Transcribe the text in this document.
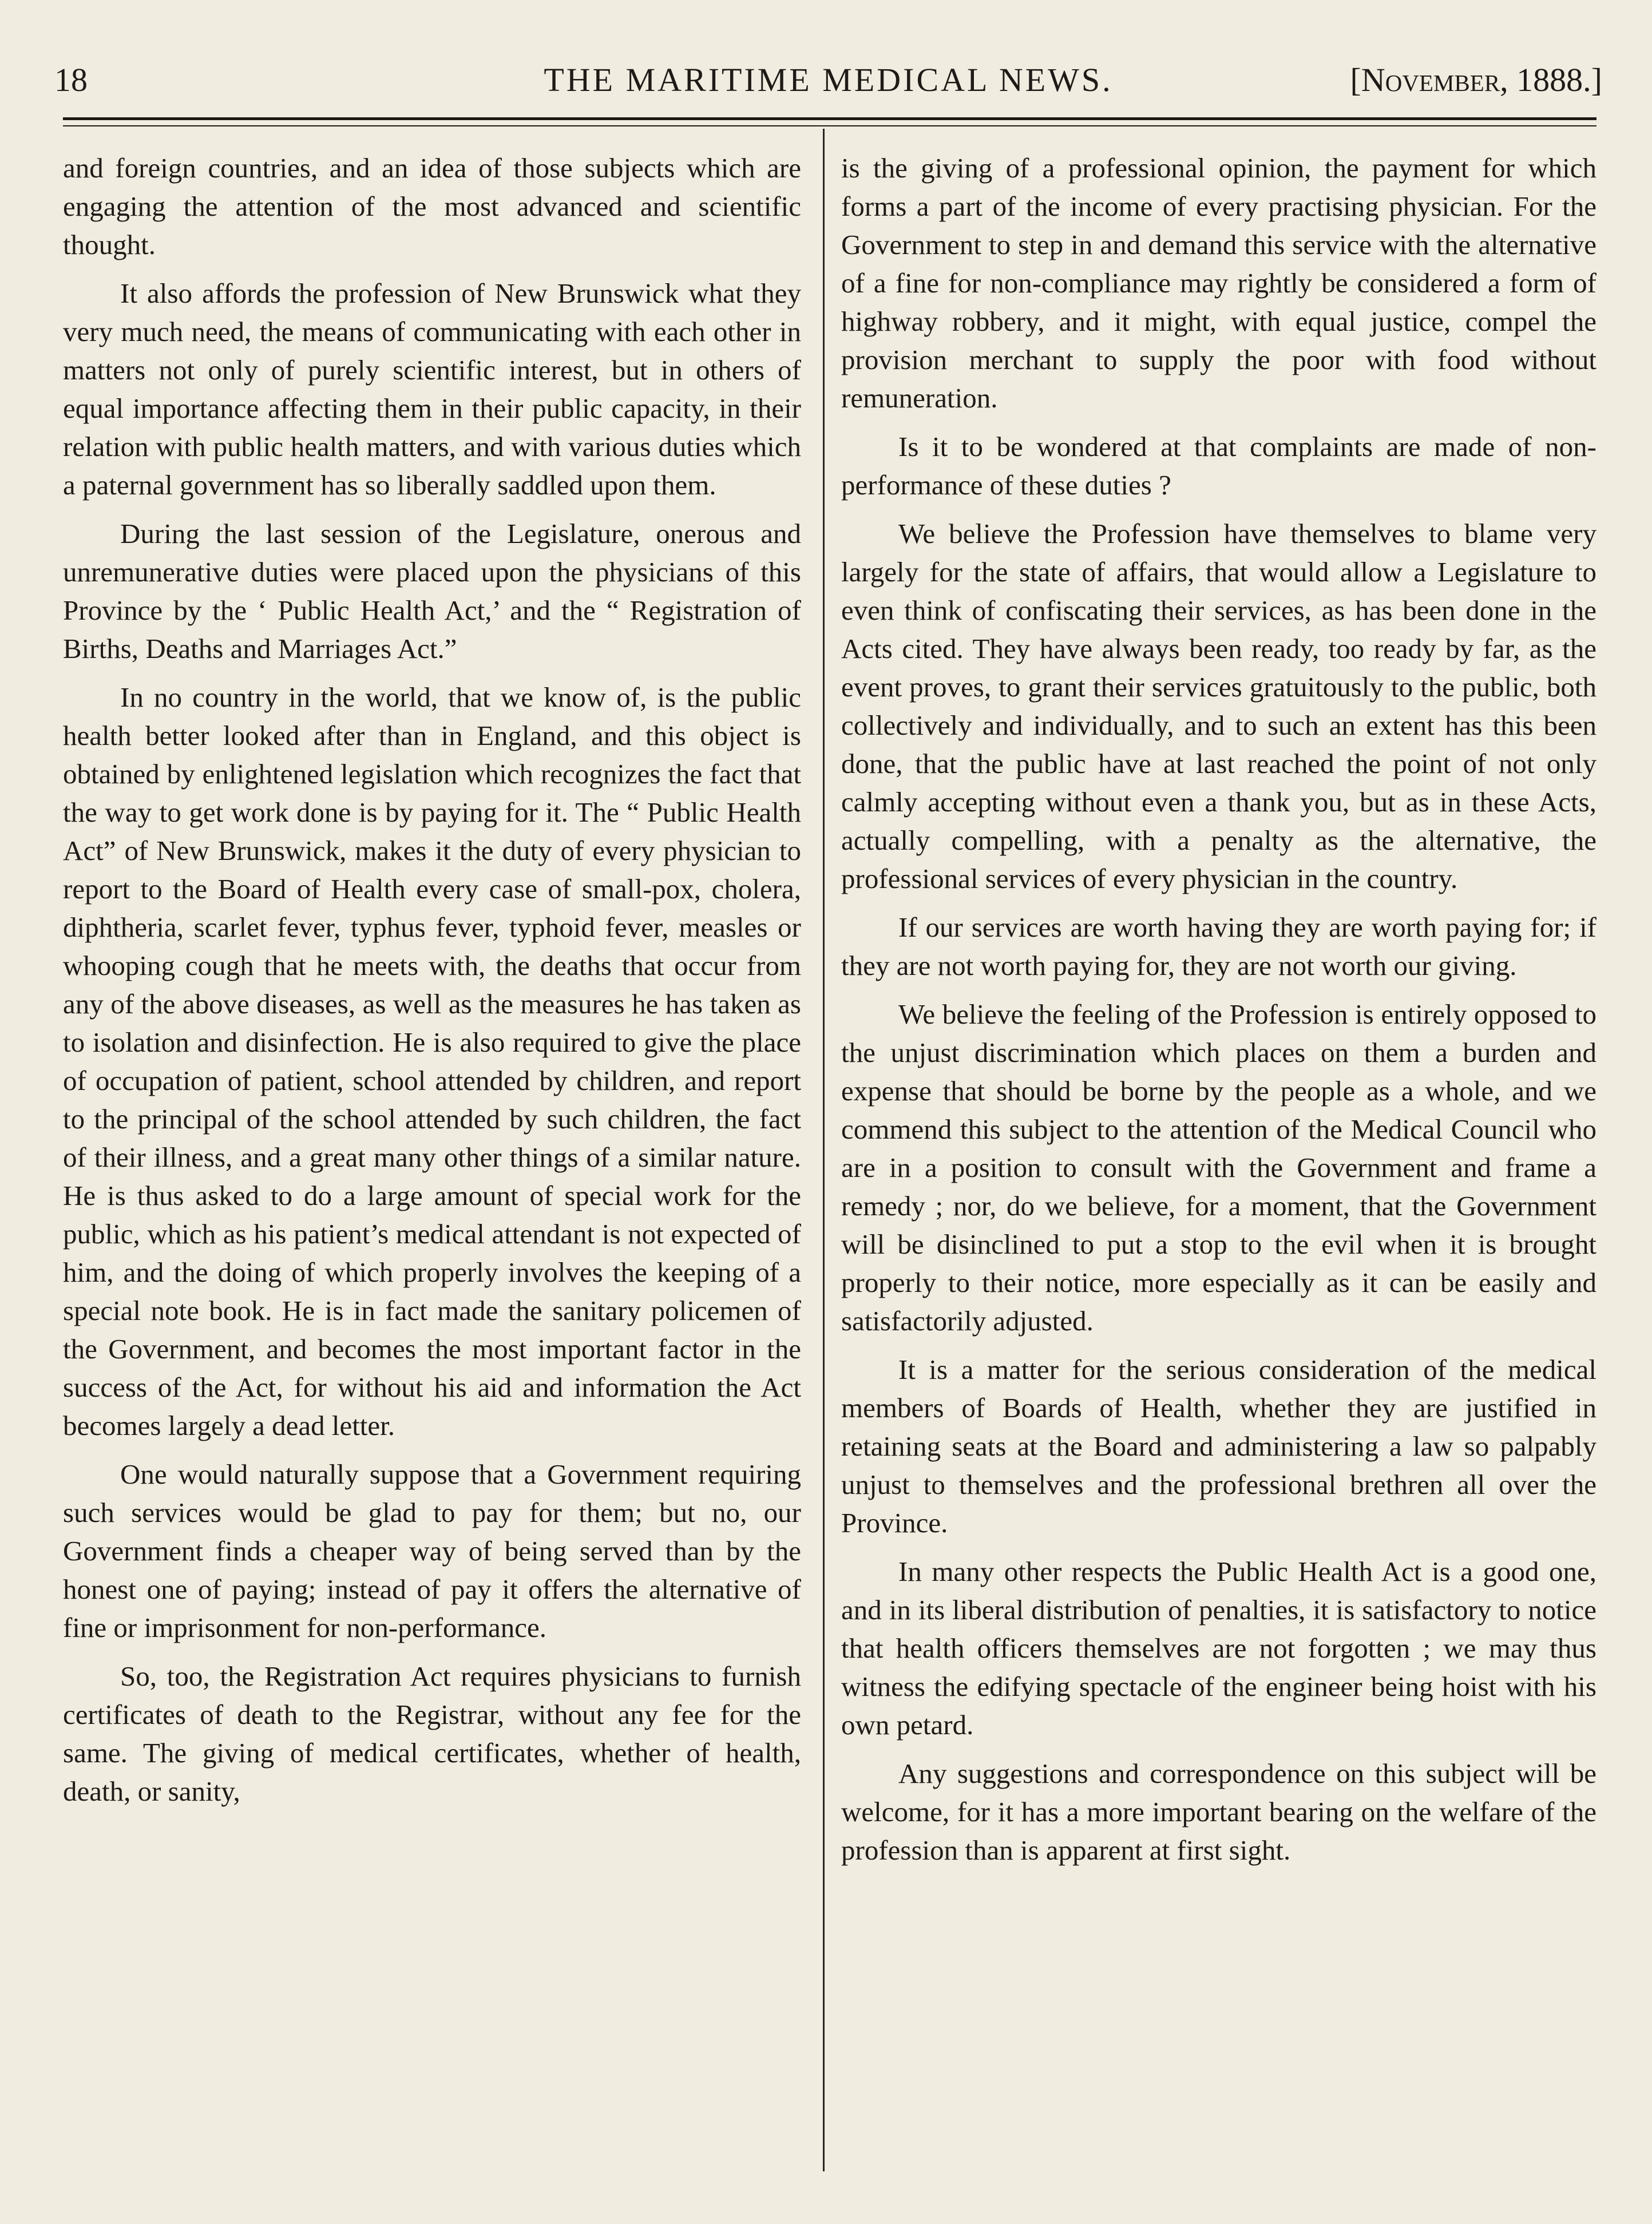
18	THE MARITIME MEDICAL NEWS.	[November, 1888.]

and foreign countries, and an idea of those subjects which are engaging the attention of the most advanced and scientific thought.

It also affords the profession of New Brunswick what they very much need, the means of communicating with each other in matters not only of purely scientific interest, but in others of equal importance affecting them in their public capacity, in their relation with public health matters, and with various duties which a paternal government has so liberally saddled upon them.

During the last session of the Legislature, onerous and unremunerative duties were placed upon the physicians of this Province by the ‘ Public Health Act,’ and the “ Registration of Births, Deaths and Marriages Act.”

In no country in the world, that we know of, is the public health better looked after than in England, and this object is obtained by enlightened legislation which recognizes the fact that the way to get work done is by paying for it. The “ Public Health Act” of New Brunswick, makes it the duty of every physician to report to the Board of Health every case of small-pox, cholera, diphtheria, scarlet fever, typhus fever, typhoid fever, measles or whooping cough that he meets with, the deaths that occur from any of the above diseases, as well as the measures he has taken as to isolation and disinfection. He is also required to give the place of occupation of patient, school attended by children, and report to the principal of the school attended by such children, the fact of their illness, and a great many other things of a similar nature. He is thus asked to do a large amount of special work for the public, which as his patient’s medical attendant is not expected of him, and the doing of which properly involves the keeping of a special note book. He is in fact made the sanitary policemen of the Government, and becomes the most important factor in the success of the Act, for without his aid and information the Act becomes largely a dead letter.

One would naturally suppose that a Government requiring such services would be glad to pay for them; but no, our Government finds a cheaper way of being served than by the honest one of paying; instead of pay it offers the alternative of fine or imprisonment for non-performance.

So, too, the Registration Act requires physicians to furnish certificates of death to the Registrar, without any fee for the same. The giving of medical certificates, whether of health, death, or sanity,

is the giving of a professional opinion, the payment for which forms a part of the income of every practising physician. For the Government to step in and demand this service with the alternative of a fine for non-compliance may rightly be considered a form of highway robbery, and it might, with equal justice, compel the provision merchant to supply the poor with food without remuneration.

Is it to be wondered at that complaints are made of non-performance of these duties ?

We believe the Profession have themselves to blame very largely for the state of affairs, that would allow a Legislature to even think of confiscating their services, as has been done in the Acts cited. They have always been ready, too ready by far, as the event proves, to grant their services gratuitously to the public, both collectively and individually, and to such an extent has this been done, that the public have at last reached the point of not only calmly accepting without even a thank you, but as in these Acts, actually compelling, with a penalty as the alternative, the professional services of every physician in the country.

If our services are worth having they are worth paying for; if they are not worth paying for, they are not worth our giving.

We believe the feeling of the Profession is entirely opposed to the unjust discrimination which places on them a burden and expense that should be borne by the people as a whole, and we commend this subject to the attention of the Medical Council who are in a position to consult with the Government and frame a remedy ; nor, do we believe, for a moment, that the Government will be disinclined to put a stop to the evil when it is brought properly to their notice, more especially as it can be easily and satisfactorily adjusted.

It is a matter for the serious consideration of the medical members of Boards of Health, whether they are justified in retaining seats at the Board and administering a law so palpably unjust to themselves and the professional brethren all over the Province.

In many other respects the Public Health Act is a good one, and in its liberal distribution of penalties, it is satisfactory to notice that health officers themselves are not forgotten ; we may thus witness the edifying spectacle of the engineer being hoist with his own petard.

Any suggestions and correspondence on this subject will be welcome, for it has a more important bearing on the welfare of the profession than is apparent at first sight.
